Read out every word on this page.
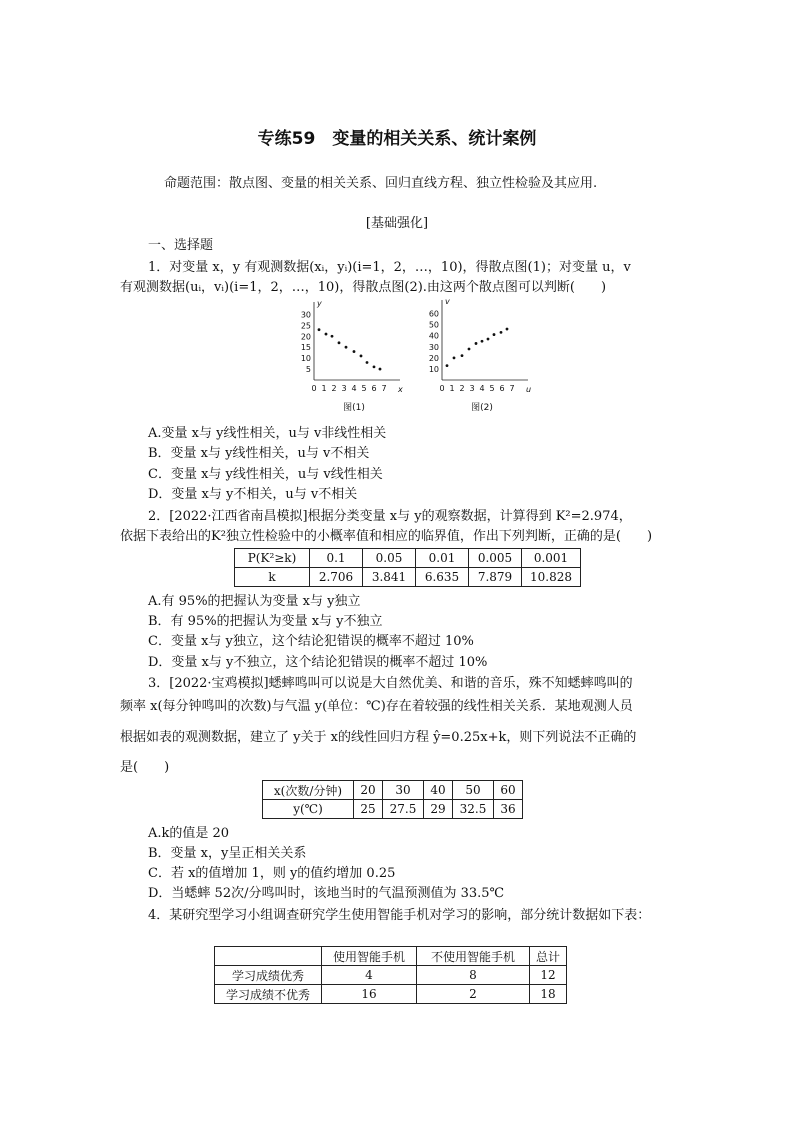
专练59　变量的相关关系、统计案例
命题范围：散点图、变量的相关关系、回归直线方程、独立性检验及其应用.
[基础强化]
一、选择题
1．对变量 x，y 有观测数据(xᵢ，yᵢ)(i=1，2，…，10)，得散点图(1)；对变量 u，v
有观测数据(uᵢ，vᵢ)(i=1，2，…，10)，得散点图(2).由这两个散点图可以判断(　　)
x
y
0 1 2 3 4 5 6 7
5
10
15
20
25
30
图(1)
u
v
0 1 2 3 4 5 6 7
10
20
30
40
50
60
图(2)
A.变量 x与 y线性相关，u与 v非线性相关
B．变量 x与 y线性相关，u与 v不相关
C．变量 x与 y线性相关，u与 v线性相关
D．变量 x与 y不相关，u与 v不相关
2．[2022·江西省南昌模拟]根据分类变量 x与 y的观察数据，计算得到 K²=2.974，
依据下表给出的K²独立性检验中的小概率值和相应的临界值，作出下列判断，正确的是(　　)
P(K²≥k)	0.1	0.05	0.01	0.005	0.001
k	2.706	3.841	6.635	7.879	10.828
A.有 95%的把握认为变量 x与 y独立
B．有 95%的把握认为变量 x与 y不独立
C．变量 x与 y独立，这个结论犯错误的概率不超过 10%
D．变量 x与 y不独立，这个结论犯错误的概率不超过 10%
3．[2022·宝鸡模拟]蟋蟀鸣叫可以说是大自然优美、和谐的音乐，殊不知蟋蟀鸣叫的
频率 x(每分钟鸣叫的次数)与气温 y(单位：℃)存在着较强的线性相关关系．某地观测人员
根据如表的观测数据，建立了 y关于 x的线性回归方程 ŷ=0.25x+k，则下列说法不正确的
是(　　)
x(次数/分钟)	20	30	40	50	60
y(℃)	25	27.5	29	32.5	36
A.k的值是 20
B．变量 x，y呈正相关关系
C．若 x的值增加 1，则 y的值约增加 0.25
D．当蟋蟀 52次/分鸣叫时，该地当时的气温预测值为 33.5℃
4．某研究型学习小组调查研究学生使用智能手机对学习的影响，部分统计数据如下表：
	使用智能手机	不使用智能手机	总计
学习成绩优秀	4	8	12
学习成绩不优秀	16	2	18
